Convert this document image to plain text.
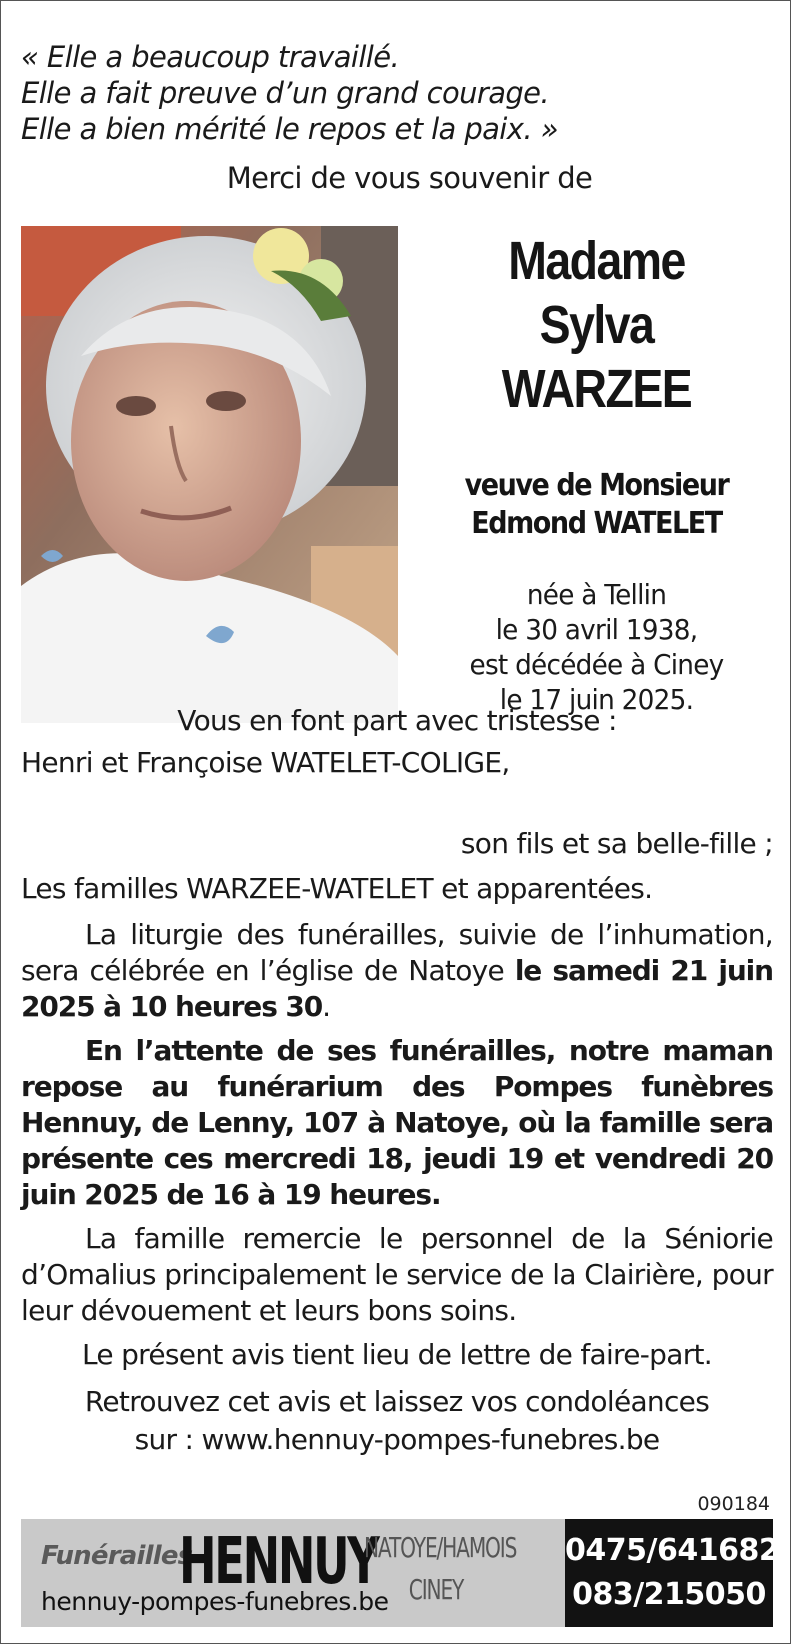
« Elle a beaucoup travaillé.
Elle a fait preuve d’un grand courage.
Elle a bien mérité le repos et la paix. »
Merci de vous souvenir de
Madame
Sylva
WARZEE
veuve de Monsieur
Edmond WATELET
née à Tellin
le 30 avril 1938,
est décédée à Ciney
le 17 juin 2025.
Vous en font part avec tristesse :
Henri et Françoise WATELET-COLIGE,
son fils et sa belle-fille ;
Les familles WARZEE-WATELET et apparentées.
La liturgie des funérailles, suivie de l’inhumation, sera célébrée en l’église de Natoye le samedi 21 juin 2025 à 10 heures 30.
En l’attente de ses funérailles, notre maman repose au funérarium des Pompes funèbres Hennuy, de Lenny, 107 à Natoye, où la famille sera présente ces mercredi 18, jeudi 19 et vendredi 20 juin 2025 de 16 à 19 heures.
La famille remercie le personnel de la Séniorie d’Omalius principalement le service de la Clairière, pour leur dévouement et leurs bons soins.
Le présent avis tient lieu de lettre de faire-part.
Retrouvez cet avis et laissez vos condoléances
sur : www.hennuy-pompes-funebres.be
090184
Funérailles
HENNUY
NATOYE/HAMOIS
CINEY
hennuy-pompes-funebres.be
0475/641682
083/215050
